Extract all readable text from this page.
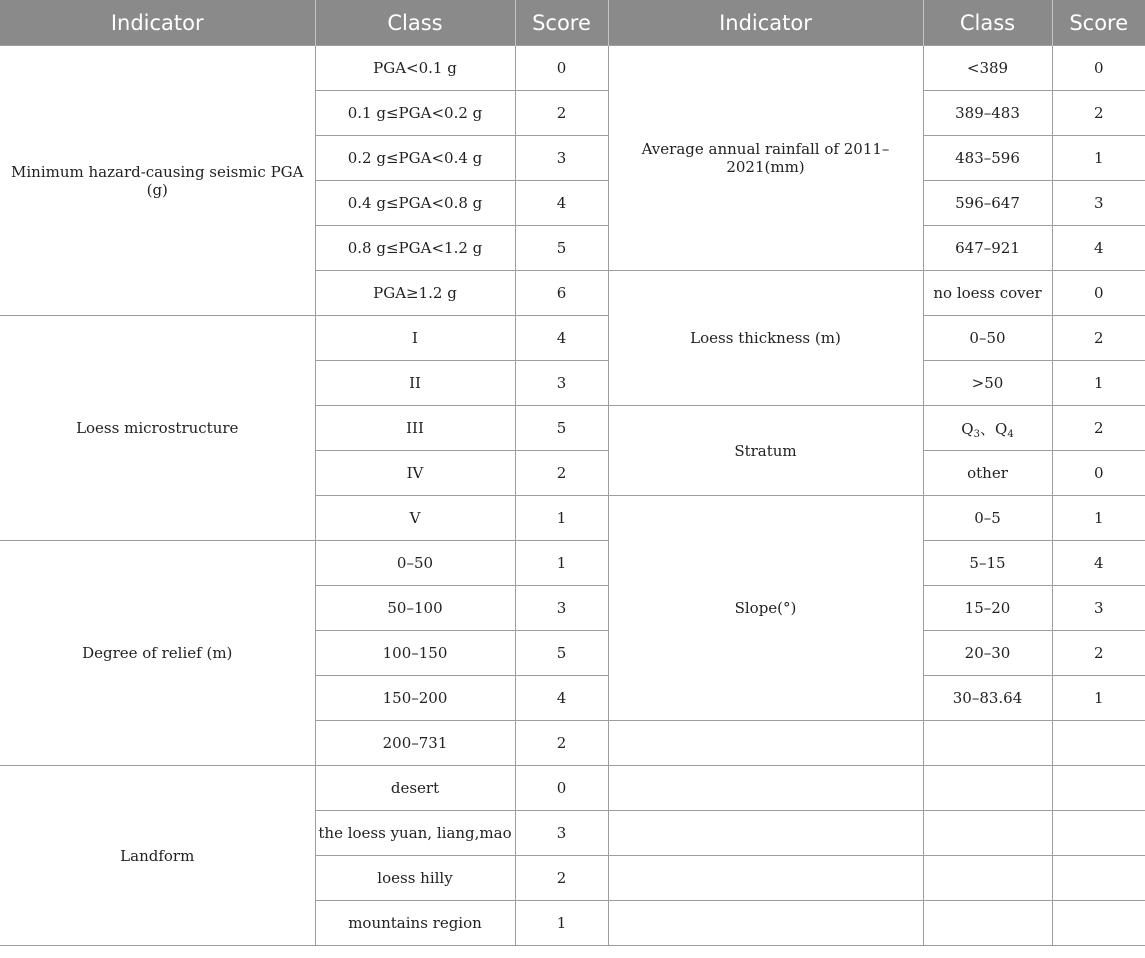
Indicator	Class	Score	Indicator	Class	Score
Minimum hazard-causing seismic PGA (g)	PGA<0.1 g	0	Average annual rainfall of 2011–2021(mm)	<389	0
	0.1 g≤PGA<0.2 g	2		389–483	2
	0.2 g≤PGA<0.4 g	3		483–596	1
	0.4 g≤PGA<0.8 g	4		596–647	3
	0.8 g≤PGA<1.2 g	5		647–921	4
	PGA≥1.2 g	6	Loess thickness (m)	no loess cover	0
Loess microstructure	I	4		0–50	2
	II	3		>50	1
	III	5	Stratum	$Q_3$、$Q_4$	2
	IV	2		other	0
	V	1	Slope(°)	0–5	1
Degree of relief (m)	0–50	1		5–15	4
	50–100	3		15–20	3
	100–150	5		20–30	2
	150–200	4		30–83.64	1
	200–731	2			
Landform	desert	0			
	the loess yuan, liang,mao	3			
	loess hilly	2			
	mountains region	1			
